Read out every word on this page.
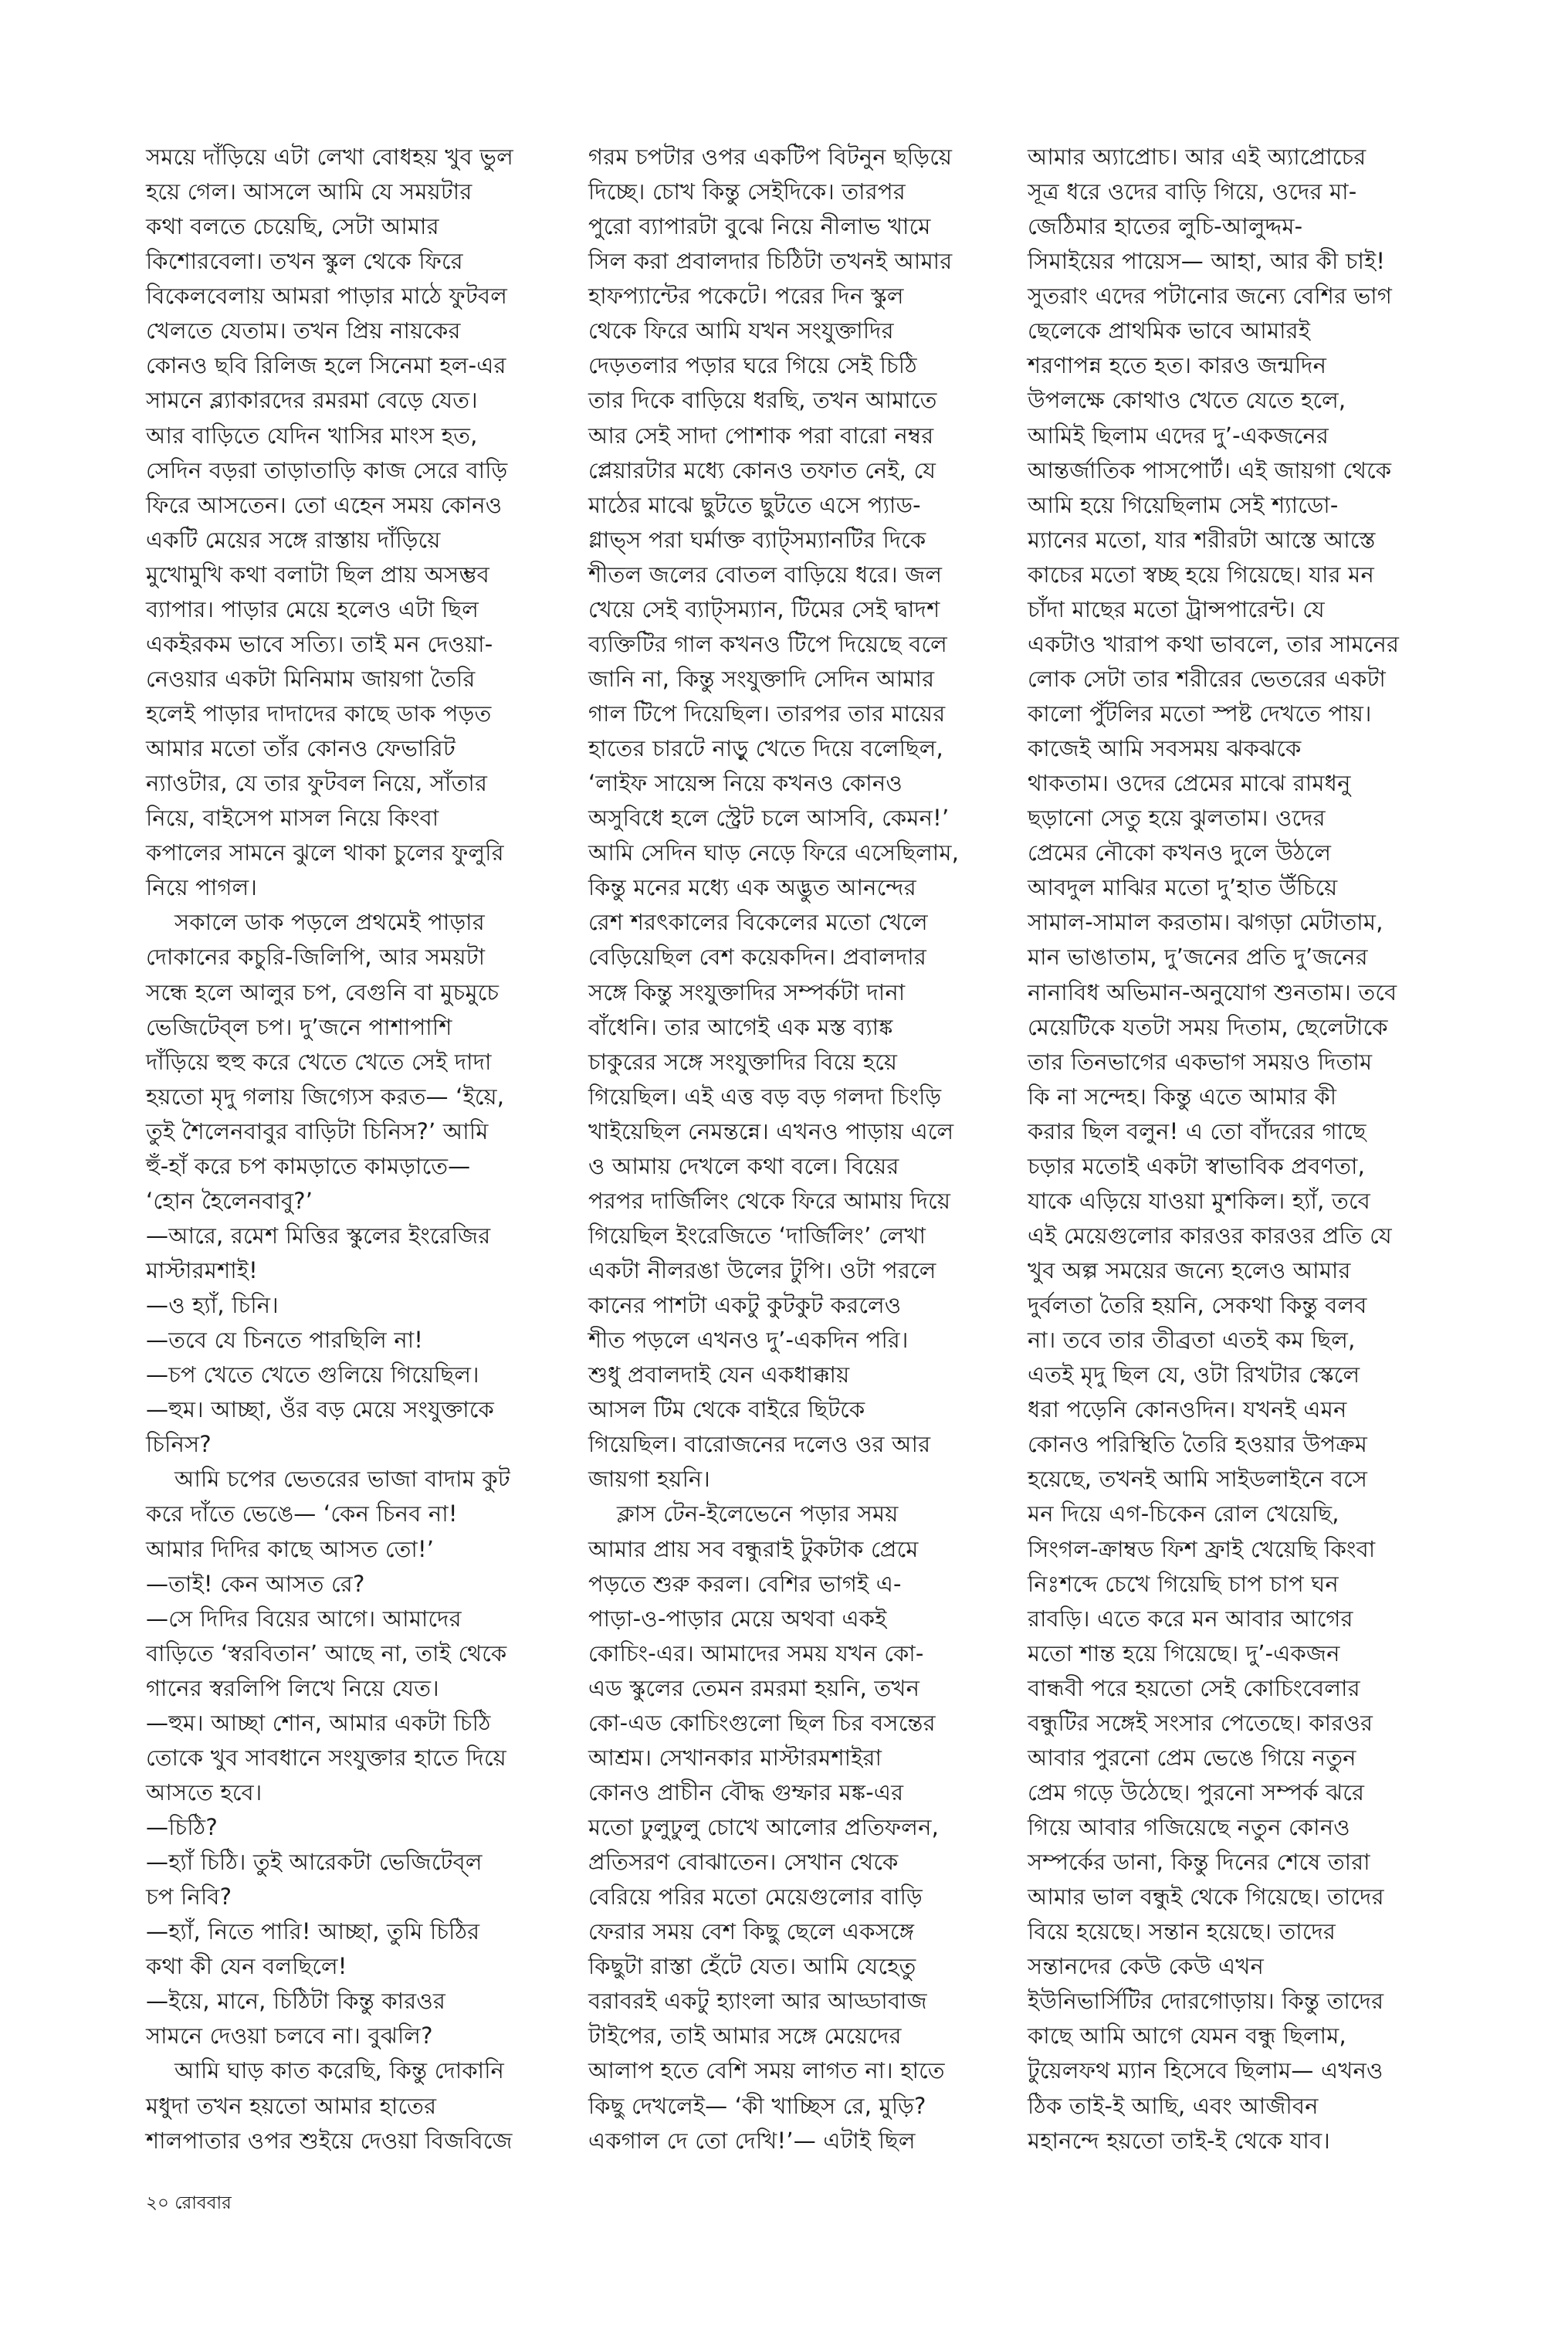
সময়ে দাঁড়িয়ে এটা লেখা বোধহয় খুব ভুল
হয়ে গেল। আসলে আমি যে সময়টার
কথা বলতে চেয়েছি, সেটা আমার
কিশোরবেলা। তখন স্কুল থেকে ফিরে
বিকেলবেলায় আমরা পাড়ার মাঠে ফুটবল
খেলতে যেতাম। তখন প্রিয় নায়কের
কোনও ছবি রিলিজ হলে সিনেমা হল-এর
সামনে ব্ল্যাকারদের রমরমা বেড়ে যেত।
আর বাড়িতে যেদিন খাসির মাংস হত,
সেদিন বড়রা তাড়াতাড়ি কাজ সেরে বাড়ি
ফিরে আসতেন। তো এহেন সময় কোনও
একটি মেয়ের সঙ্গে রাস্তায় দাঁড়িয়ে
মুখোমুখি কথা বলাটা ছিল প্রায় অসম্ভব
ব্যাপার। পাড়ার মেয়ে হলেও এটা ছিল
একইরকম ভাবে সত্যি। তাই মন দেওয়া-
নেওয়ার একটা মিনিমাম জায়গা তৈরি
হলেই পাড়ার দাদাদের কাছে ডাক পড়ত
আমার মতো তাঁর কোনও ফেভারিট
ন্যাওটার, যে তার ফুটবল নিয়ে, সাঁতার
নিয়ে, বাইসেপ মাসল নিয়ে কিংবা
কপালের সামনে ঝুলে থাকা চুলের ফুলুরি
নিয়ে পাগল।
সকালে ডাক পড়লে প্রথমেই পাড়ার
দোকানের কচুরি-জিলিপি, আর সময়টা
সন্ধে হলে আলুর চপ, বেগুনি বা মুচমুচে
ভেজিটেব্‌ল চপ। দু’জনে পাশাপাশি
দাঁড়িয়ে হুহু করে খেতে খেতে সেই দাদা
হয়তো মৃদু গলায় জিগ্যেস করত— ‘ইয়ে,
তুই শৈলেনবাবুর বাড়িটা চিনিস?’ আমি
হুঁ-হাঁ করে চপ কামড়াতে কামড়াতে—
‘হোন হৈলেনবাবু?’
—আরে, রমেশ মিত্তির স্কুলের ইংরেজির
মাস্টারমশাই!
—ও হ্যাঁ, চিনি।
—তবে যে চিনতে পারছিলি না!
—চপ খেতে খেতে গুলিয়ে গিয়েছিল।
—হুম। আচ্ছা, ওঁর বড় মেয়ে সংযুক্তাকে
চিনিস?
আমি চপের ভেতরের ভাজা বাদাম কুট
করে দাঁতে ভেঙে— ‘কেন চিনব না!
আমার দিদির কাছে আসত তো!’
—তাই! কেন আসত রে?
—সে দিদির বিয়ের আগে। আমাদের
বাড়িতে ‘স্বরবিতান’ আছে না, তাই থেকে
গানের স্বরলিপি লিখে নিয়ে যেত।
—হুম। আচ্ছা শোন, আমার একটা চিঠি
তোকে খুব সাবধানে সংযুক্তার হাতে দিয়ে
আসতে হবে।
—চিঠি?
—হ্যাঁ চিঠি। তুই আরেকটা ভেজিটেব্‌ল
চপ নিবি?
—হ্যাঁ, নিতে পারি! আচ্ছা, তুমি চিঠির
কথা কী যেন বলছিলে!
—ইয়ে, মানে, চিঠিটা কিন্তু কারওর
সামনে দেওয়া চলবে না। বুঝলি?
আমি ঘাড় কাত করেছি, কিন্তু দোকানি
মধুদা তখন হয়তো আমার হাতের
শালপাতার ওপর শুইয়ে দেওয়া বিজবিজে
গরম চপটার ওপর একটিপ বিটনুন ছড়িয়ে
দিচ্ছে। চোখ কিন্তু সেইদিকে। তারপর
পুরো ব্যাপারটা বুঝে নিয়ে নীলাভ খামে
সিল করা প্রবালদার চিঠিটা তখনই আমার
হাফপ্যান্টের পকেটে। পরের দিন স্কুল
থেকে ফিরে আমি যখন সংযুক্তাদির
দেড়তলার পড়ার ঘরে গিয়ে সেই চিঠি
তার দিকে বাড়িয়ে ধরছি, তখন আমাতে
আর সেই সাদা পোশাক পরা বারো নম্বর
প্লেয়ারটার মধ্যে কোনও তফাত নেই, যে
মাঠের মাঝে ছুটতে ছুটতে এসে প্যাড-
গ্লাভ্‌স পরা ঘর্মাক্ত ব্যাট্‌সম্যানটির দিকে
শীতল জলের বোতল বাড়িয়ে ধরে। জল
খেয়ে সেই ব্যাট্‌সম্যান, টিমের সেই দ্বাদশ
ব্যক্তিটির গাল কখনও টিপে দিয়েছে বলে
জানি না, কিন্তু সংযুক্তাদি সেদিন আমার
গাল টিপে দিয়েছিল। তারপর তার মায়ের
হাতের চারটে নাড়ু খেতে দিয়ে বলেছিল,
‘লাইফ সায়েন্স নিয়ে কখনও কোনও
অসুবিধে হলে স্ট্রেট চলে আসবি, কেমন!’
আমি সেদিন ঘাড় নেড়ে ফিরে এসেছিলাম,
কিন্তু মনের মধ্যে এক অদ্ভুত আনন্দের
রেশ শরৎকালের বিকেলের মতো খেলে
বেড়িয়েছিল বেশ কয়েকদিন। প্রবালদার
সঙ্গে কিন্তু সংযুক্তাদির সম্পর্কটা দানা
বাঁধেনি। তার আগেই এক মস্ত ব্যাঙ্ক
চাকুরের সঙ্গে সংযুক্তাদির বিয়ে হয়ে
গিয়েছিল। এই এত্ত বড় বড় গলদা চিংড়ি
খাইয়েছিল নেমন্তন্নে। এখনও পাড়ায় এলে
ও আমায় দেখলে কথা বলে। বিয়ের
পরপর দার্জিলিং থেকে ফিরে আমায় দিয়ে
গিয়েছিল ইংরেজিতে ‘দার্জিলিং’ লেখা
একটা নীলরঙা উলের টুপি। ওটা পরলে
কানের পাশটা একটু কুটকুট করলেও
শীত পড়লে এখনও দু’-একদিন পরি।
শুধু প্রবালদাই যেন একধাক্কায়
আসল টিম থেকে বাইরে ছিটকে
গিয়েছিল। বারোজনের দলেও ওর আর
জায়গা হয়নি।
ক্লাস টেন-ইলেভেনে পড়ার সময়
আমার প্রায় সব বন্ধুরাই টুকটাক প্রেমে
পড়তে শুরু করল। বেশির ভাগই এ-
পাড়া-ও-পাড়ার মেয়ে অথবা একই
কোচিং-এর। আমাদের সময় যখন কো-
এড স্কুলের তেমন রমরমা হয়নি, তখন
কো-এড কোচিংগুলো ছিল চির বসন্তের
আশ্রম। সেখানকার মাস্টারমশাইরা
কোনও প্রাচীন বৌদ্ধ গুম্ফার মঙ্ক-এর
মতো ঢুলুঢুলু চোখে আলোর প্রতিফলন,
প্রতিসরণ বোঝাতেন। সেখান থেকে
বেরিয়ে পরির মতো মেয়েগুলোর বাড়ি
ফেরার সময় বেশ কিছু ছেলে একসঙ্গে
কিছুটা রাস্তা হেঁটে যেত। আমি যেহেতু
বরাবরই একটু হ্যাংলা আর আড্ডাবাজ
টাইপের, তাই আমার সঙ্গে মেয়েদের
আলাপ হতে বেশি সময় লাগত না। হাতে
কিছু দেখলেই— ‘কী খাচ্ছিস রে, মুড়ি?
একগাল দে তো দেখি!’— এটাই ছিল
আমার অ্যাপ্রোচ। আর এই অ্যাপ্রোচের
সূত্র ধরে ওদের বাড়ি গিয়ে, ওদের মা-
জেঠিমার হাতের লুচি-আলুদ্দম-
সিমাইয়ের পায়েস— আহা, আর কী চাই!
সুতরাং এদের পটানোর জন্যে বেশির ভাগ
ছেলেকে প্রাথমিক ভাবে আমারই
শরণাপন্ন হতে হত। কারও জন্মদিন
উপলক্ষে কোথাও খেতে যেতে হলে,
আমিই ছিলাম এদের দু’-একজনের
আন্তর্জাতিক পাসপোর্ট। এই জায়গা থেকে
আমি হয়ে গিয়েছিলাম সেই শ্যাডো-
ম্যানের মতো, যার শরীরটা আস্তে আস্তে
কাচের মতো স্বচ্ছ হয়ে গিয়েছে। যার মন
চাঁদা মাছের মতো ট্রান্সপারেন্ট। যে
একটাও খারাপ কথা ভাবলে, তার সামনের
লোক সেটা তার শরীরের ভেতরের একটা
কালো পুঁটলির মতো স্পষ্ট দেখতে পায়।
কাজেই আমি সবসময় ঝকঝকে
থাকতাম। ওদের প্রেমের মাঝে রামধনু
ছড়ানো সেতু হয়ে ঝুলতাম। ওদের
প্রেমের নৌকো কখনও দুলে উঠলে
আবদুল মাঝির মতো দু’হাত উঁচিয়ে
সামাল-সামাল করতাম। ঝগড়া মেটাতাম,
মান ভাঙাতাম, দু’জনের প্রতি দু’জনের
নানাবিধ অভিমান-অনুযোগ শুনতাম। তবে
মেয়েটিকে যতটা সময় দিতাম, ছেলেটাকে
তার তিনভাগের একভাগ সময়ও দিতাম
কি না সন্দেহ। কিন্তু এতে আমার কী
করার ছিল বলুন! এ তো বাঁদরের গাছে
চড়ার মতোই একটা স্বাভাবিক প্রবণতা,
যাকে এড়িয়ে যাওয়া মুশকিল। হ্যাঁ, তবে
এই মেয়েগুলোর কারওর কারওর প্রতি যে
খুব অল্প সময়ের জন্যে হলেও আমার
দুর্বলতা তৈরি হয়নি, সেকথা কিন্তু বলব
না। তবে তার তীব্রতা এতই কম ছিল,
এতই মৃদু ছিল যে, ওটা রিখটার স্কেলে
ধরা পড়েনি কোনওদিন। যখনই এমন
কোনও পরিস্থিতি তৈরি হওয়ার উপক্রম
হয়েছে, তখনই আমি সাইডলাইনে বসে
মন দিয়ে এগ-চিকেন রোল খেয়েছি,
সিংগল-ক্রাম্বড ফিশ ফ্রাই খেয়েছি কিংবা
নিঃশব্দে চেখে গিয়েছি চাপ চাপ ঘন
রাবড়ি। এতে করে মন আবার আগের
মতো শান্ত হয়ে গিয়েছে। দু’-একজন
বান্ধবী পরে হয়তো সেই কোচিংবেলার
বন্ধুটির সঙ্গেই সংসার পেতেছে। কারওর
আবার পুরনো প্রেম ভেঙে গিয়ে নতুন
প্রেম গড়ে উঠেছে। পুরনো সম্পর্ক ঝরে
গিয়ে আবার গজিয়েছে নতুন কোনও
সম্পর্কের ডানা, কিন্তু দিনের শেষে তারা
আমার ভাল বন্ধুই থেকে গিয়েছে। তাদের
বিয়ে হয়েছে। সন্তান হয়েছে। তাদের
সন্তানদের কেউ কেউ এখন
ইউনিভার্সিটির দোরগোড়ায়। কিন্তু তাদের
কাছে আমি আগে যেমন বন্ধু ছিলাম,
টুয়েলফথ ম্যান হিসেবে ছিলাম— এখনও
ঠিক তাই-ই আছি, এবং আজীবন
মহানন্দে হয়তো তাই-ই থেকে যাব।
২০ রোববার
